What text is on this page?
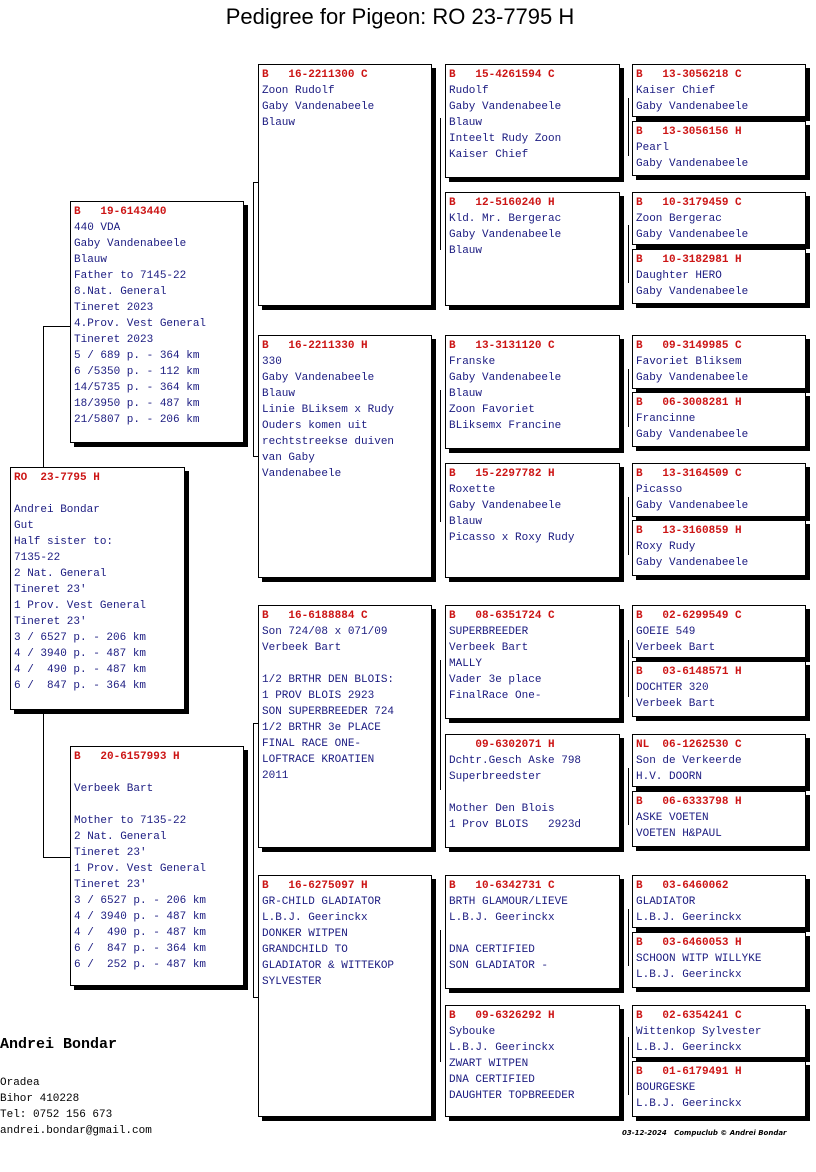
Pedigree for Pigeon: RO 23-7795 H
RO  23-7795 H

Andrei Bondar
Gut
Half sister to:
7135-22
2 Nat. General
Tineret 23'
1 Prov. Vest General
Tineret 23'
3 / 6527 p. - 206 km
4 / 3940 p. - 487 km
4 /  490 p. - 487 km
6 /  847 p. - 364 km
B   19-6143440
440 VDA
Gaby Vandenabeele
Blauw
Father to 7145-22
8.Nat. General
Tineret 2023
4.Prov. Vest General
Tineret 2023
5 / 689 p. - 364 km
6 /5350 p. - 112 km
14/5735 p. - 364 km
18/3950 p. - 487 km
21/5807 p. - 206 km
B   20-6157993 H

Verbeek Bart

Mother to 7135-22
2 Nat. General
Tineret 23'
1 Prov. Vest General
Tineret 23'
3 / 6527 p. - 206 km
4 / 3940 p. - 487 km
4 /  490 p. - 487 km
6 /  847 p. - 364 km
6 /  252 p. - 487 km
B   16-2211300 C
Zoon Rudolf
Gaby Vandenabeele
Blauw
B   16-2211330 H
330
Gaby Vandenabeele
Blauw
Linie BLiksem x Rudy
Ouders komen uit
rechtstreekse duiven
van Gaby
Vandenabeele
B   16-6188884 C
Son 724/08 x 071/09
Verbeek Bart

1/2 BRTHR DEN BLOIS:
1 PROV BLOIS 2923
SON SUPERBREEDER 724
1/2 BRTHR 3e PLACE
FINAL RACE ONE-
LOFTRACE KROATIEN
2011
B   16-6275097 H
GR-CHILD GLADIATOR
L.B.J. Geerinckx
DONKER WITPEN
GRANDCHILD TO
GLADIATOR & WITTEKOP
SYLVESTER
B   15-4261594 C
Rudolf
Gaby Vandenabeele
Blauw
Inteelt Rudy Zoon
Kaiser Chief
B   12-5160240 H
Kld. Mr. Bergerac
Gaby Vandenabeele
Blauw
B   13-3131120 C
Franske
Gaby Vandenabeele
Blauw
Zoon Favoriet
BLiksemx Francine
B   15-2297782 H
Roxette
Gaby Vandenabeele
Blauw
Picasso x Roxy Rudy
B   08-6351724 C
SUPERBREEDER
Verbeek Bart
MALLY
Vader 3e place
FinalRace One-
09-6302071 H
Dchtr.Gesch Aske 798
Superbreedster

Mother Den Blois
1 Prov BLOIS   2923d
B   10-6342731 C
BRTH GLAMOUR/LIEVE
L.B.J. Geerinckx

DNA CERTIFIED
SON GLADIATOR -
B   09-6326292 H
Sybouke
L.B.J. Geerinckx
ZWART WITPEN
DNA CERTIFIED
DAUGHTER TOPBREEDER
B   13-3056218 C
Kaiser Chief
Gaby Vandenabeele
B   13-3056156 H
Pearl
Gaby Vandenabeele
B   10-3179459 C
Zoon Bergerac
Gaby Vandenabeele
B   10-3182981 H
Daughter HERO
Gaby Vandenabeele
B   09-3149985 C
Favoriet Bliksem
Gaby Vandenabeele
B   06-3008281 H
Francinne
Gaby Vandenabeele
B   13-3164509 C
Picasso
Gaby Vandenabeele
B   13-3160859 H
Roxy Rudy
Gaby Vandenabeele
B   02-6299549 C
GOEIE 549
Verbeek Bart
B   03-6148571 H
DOCHTER 320
Verbeek Bart
NL  06-1262530 C
Son de Verkeerde
H.V. DOORN
B   06-6333798 H
ASKE VOETEN
VOETEN H&PAUL
B   03-6460062
GLADIATOR
L.B.J. Geerinckx
B   03-6460053 H
SCHOON WITP WILLYKE
L.B.J. Geerinckx
B   02-6354241 C
Wittenkop Sylvester
L.B.J. Geerinckx
B   01-6179491 H
BOURGESKE
L.B.J. Geerinckx
Andrei Bondar
Oradea
Bihor 410228
Tel: 0752 156 673
andrei.bondar@gmail.com	03-12-2024 Compuclub © Andrei Bondar
